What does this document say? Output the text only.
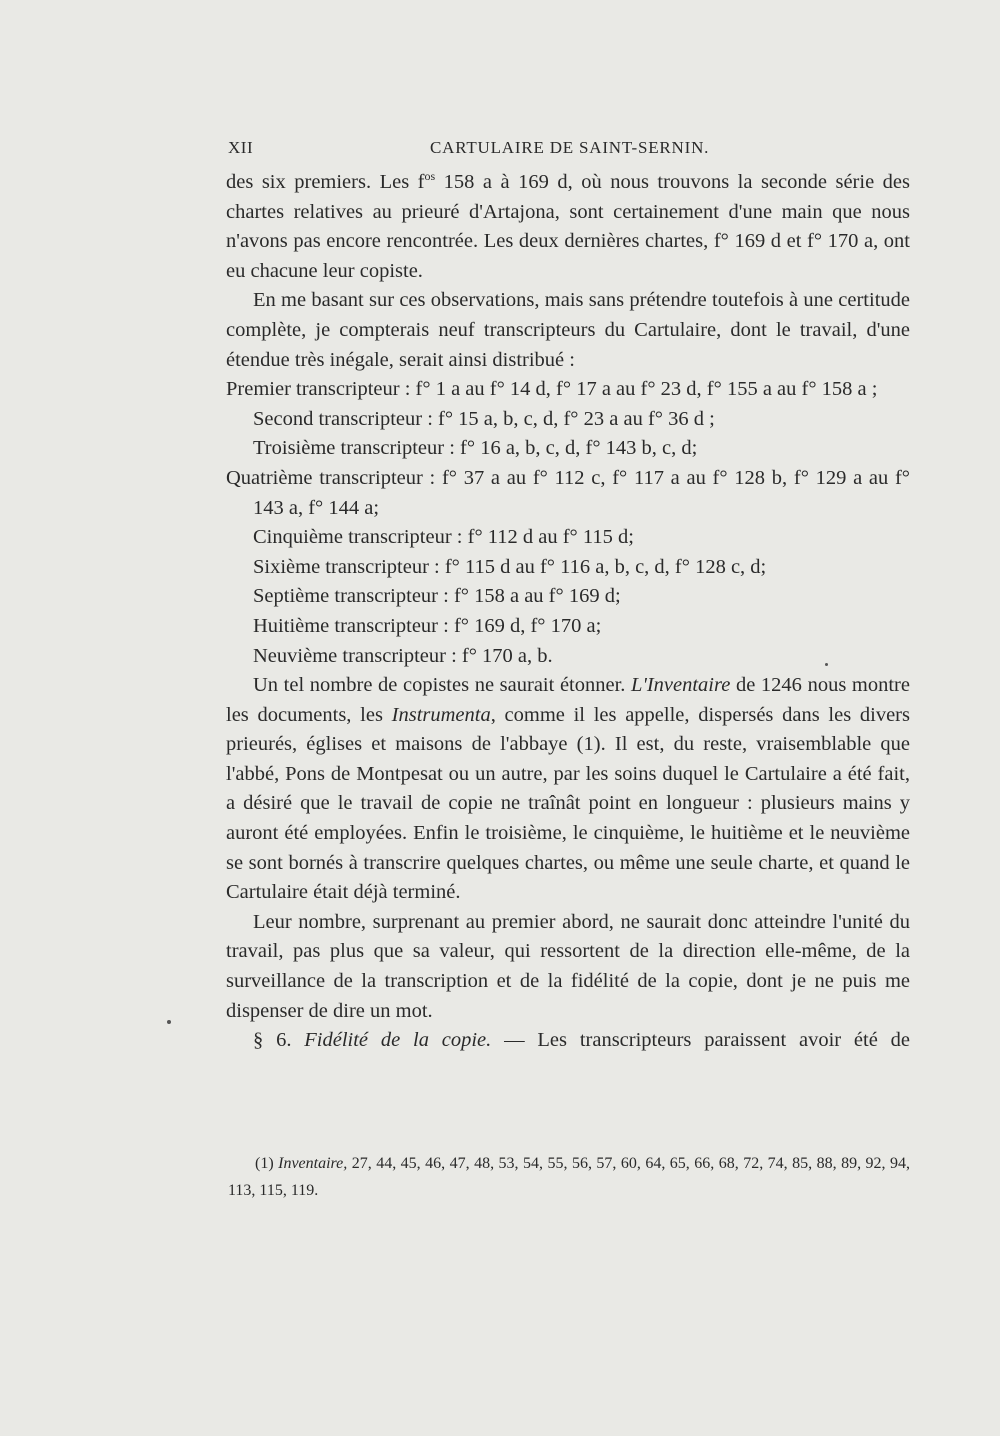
XII	CARTULAIRE DE SAINT-SERNIN.

des six premiers. Les $f^{os}$ 158 a à 169 d, où nous trouvons la seconde série des chartes relatives au prieuré d'Artajona, sont certainement d'une main que nous n'avons pas encore rencontrée. Les deux dernières chartes, f° 169 d et f° 170 a, ont eu chacune leur copiste.

En me basant sur ces observations, mais sans prétendre toutefois à une certitude complète, je compterais neuf transcripteurs du Cartulaire, dont le travail, d'une étendue très inégale, serait ainsi distribué :

Premier transcripteur : f° 1 a au f° 14 d, f° 17 a au f° 23 d, f° 155 a au f° 158 a ;

Second transcripteur : f° 15 a, b, c, d, f° 23 a au f° 36 d ;

Troisième transcripteur : f° 16 a, b, c, d, f° 143 b, c, d;

Quatrième transcripteur : f° 37 a au f° 112 c, f° 117 a au f° 128 b, f° 129 a au f° 143 a, f° 144 a;

Cinquième transcripteur : f° 112 d au f° 115 d;

Sixième transcripteur : f° 115 d au f° 116 a, b, c, d, f° 128 c, d;

Septième transcripteur : f° 158 a au f° 169 d;

Huitième transcripteur : f° 169 d, f° 170 a;

Neuvième transcripteur : f° 170 a, b.

Un tel nombre de copistes ne saurait étonner. L'Inventaire de 1246 nous montre les documents, les Instrumenta, comme il les appelle, dispersés dans les divers prieurés, églises et maisons de l'abbaye (1). Il est, du reste, vraisemblable que l'abbé, Pons de Montpesat ou un autre, par les soins duquel le Cartulaire a été fait, a désiré que le travail de copie ne traînât point en longueur : plusieurs mains y auront été employées. Enfin le troisième, le cinquième, le huitième et le neuvième se sont bornés à transcrire quelques chartes, ou même une seule charte, et quand le Cartulaire était déjà terminé.

Leur nombre, surprenant au premier abord, ne saurait donc atteindre l'unité du travail, pas plus que sa valeur, qui ressortent de la direction elle-même, de la surveillance de la transcription et de la fidélité de la copie, dont je ne puis me dispenser de dire un mot.

§ 6. Fidélité de la copie. — Les transcripteurs paraissent avoir été de

(1) Inventaire, 27, 44, 45, 46, 47, 48, 53, 54, 55, 56, 57, 60, 64, 65, 66, 68, 72, 74, 85, 88, 89, 92, 94, 113, 115, 119.
